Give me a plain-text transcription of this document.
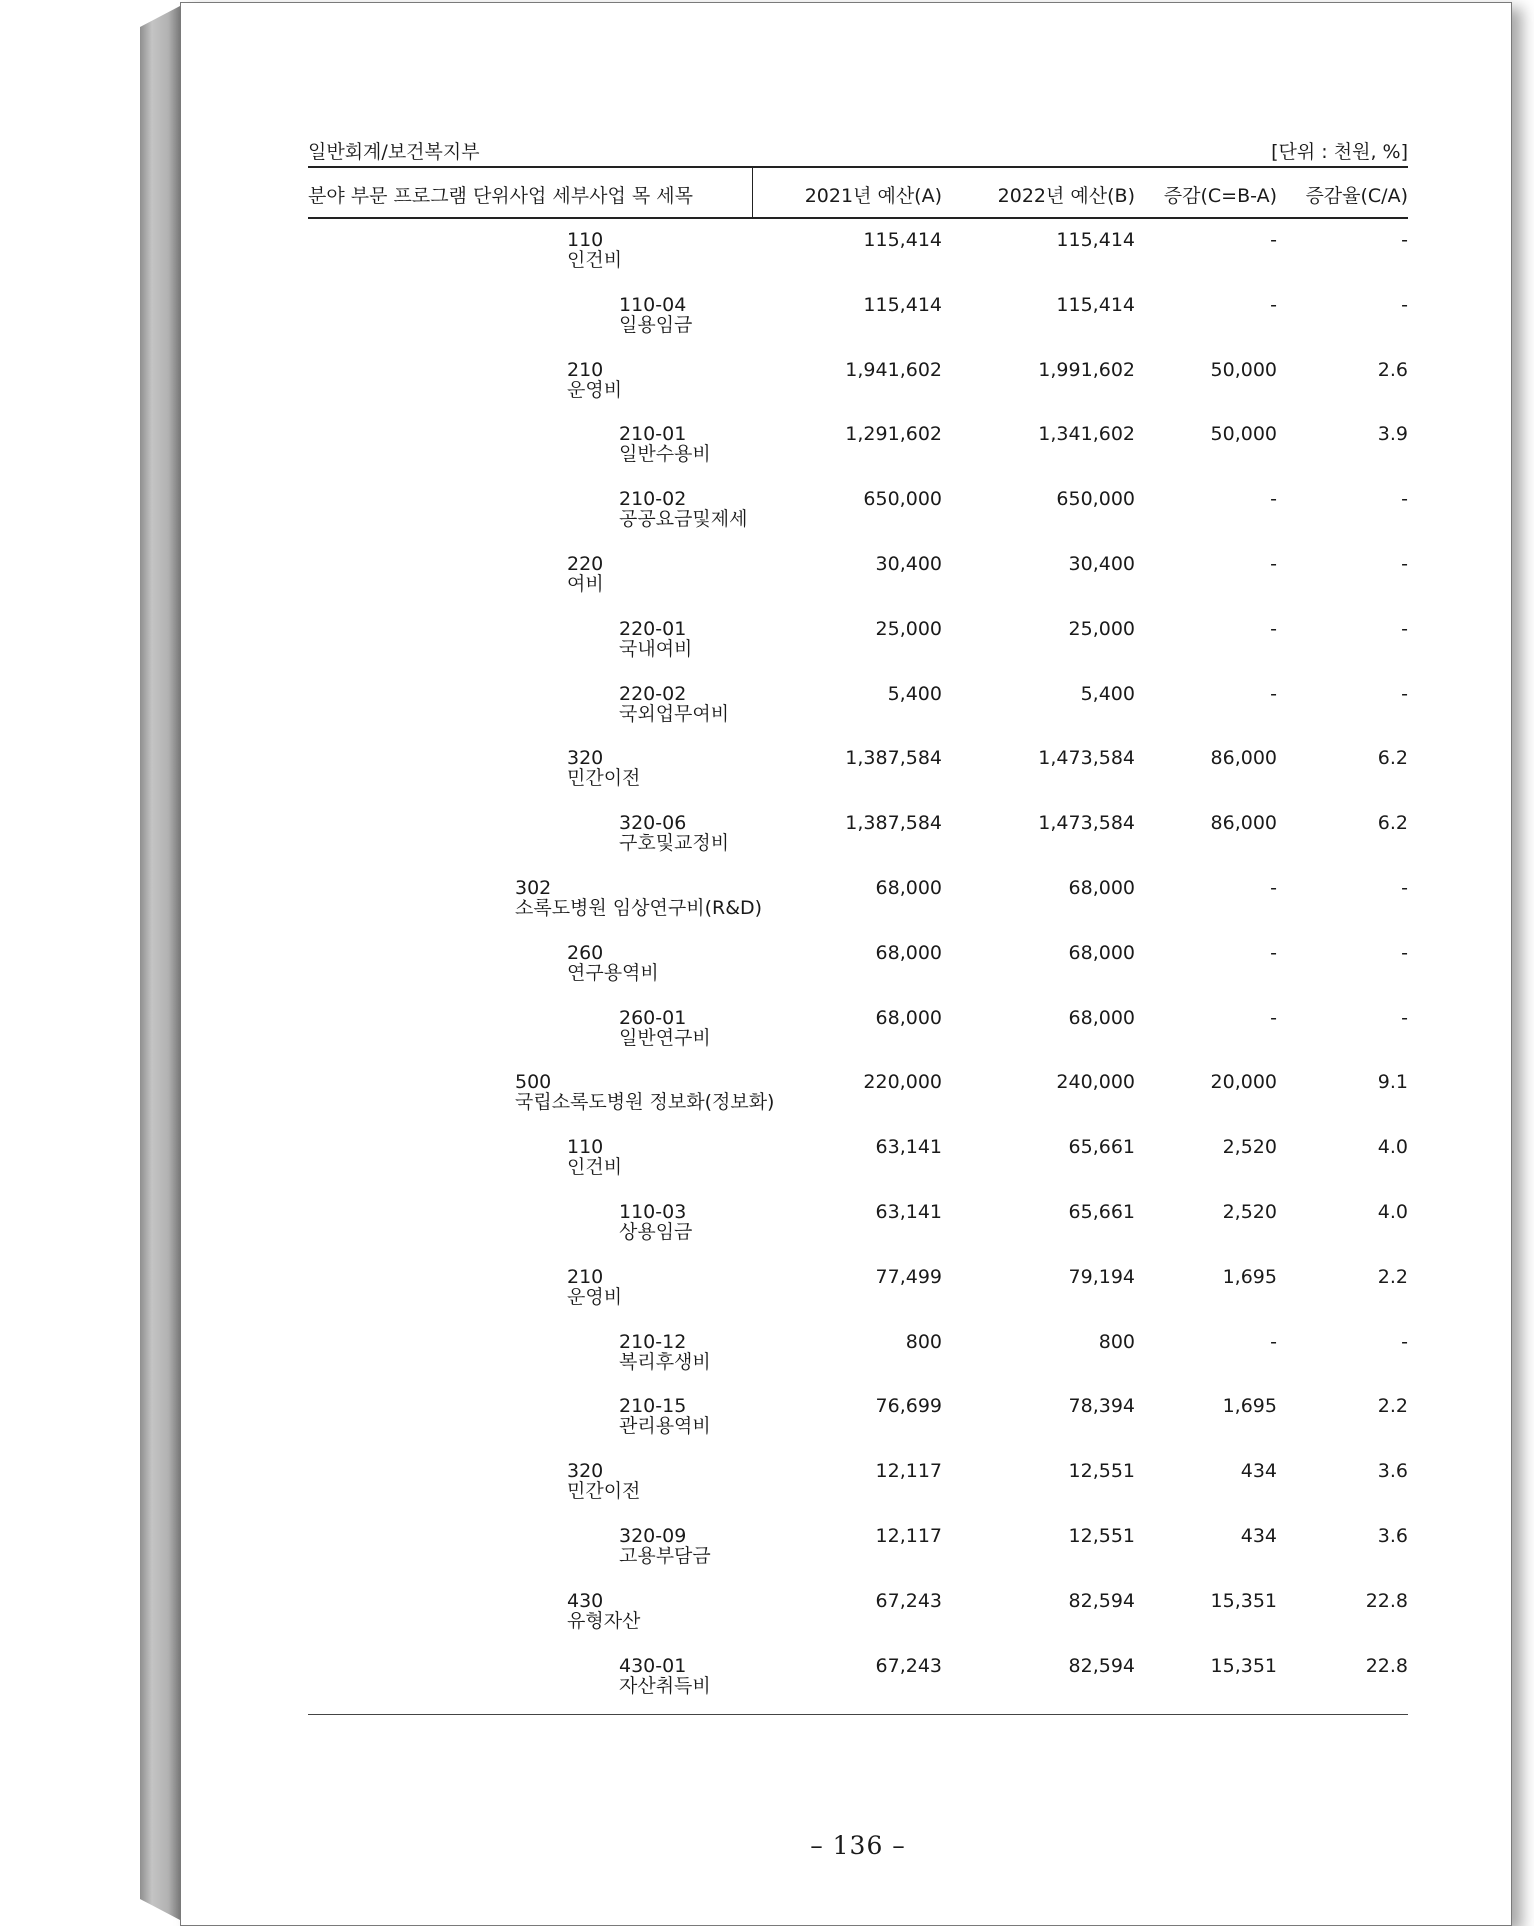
일반회계/보건복지부	[단위 : 천원, %]
분야 부문 프로그램 단위사업 세부사업 목 세목	2021년 예산(A)	2022년 예산(B) 증감(C=B-A) 증감율(C/A)
110
인건비
115,414	115,414	-	-
110-04
일용임금
115,414	115,414	-	-
210
운영비
1,941,602	1,991,602	50,000	2.6
210-01
일반수용비
1,291,602	1,341,602	50,000	3.9
210-02
공공요금및제세
650,000	650,000	-	-
220
여비
30,400	30,400	-	-
220-01
국내여비
25,000	25,000	-	-
220-02
국외업무여비
5,400	5,400	-	-
320
민간이전
1,387,584	1,473,584	86,000	6.2
320-06
구호및교정비
1,387,584	1,473,584	86,000	6.2
302
소록도병원 임상연구비(R&D)
68,000	68,000	-	-
260
연구용역비
68,000	68,000	-	-
260-01
일반연구비
68,000	68,000	-	-
500
국립소록도병원 정보화(정보화)
220,000	240,000	20,000	9.1
110
인건비
63,141	65,661	2,520	4.0
110-03
상용임금
63,141	65,661	2,520	4.0
210
운영비
77,499	79,194	1,695	2.2
210-12
복리후생비
800	800	-	-
210-15
관리용역비
76,699	78,394	1,695	2.2
320
민간이전
12,117	12,551	434	3.6
320-09
고용부담금
12,117	12,551	434	3.6
430
유형자산
67,243	82,594	15,351	22.8
430-01
자산취득비
67,243	82,594	15,351	22.8
– 136 –
